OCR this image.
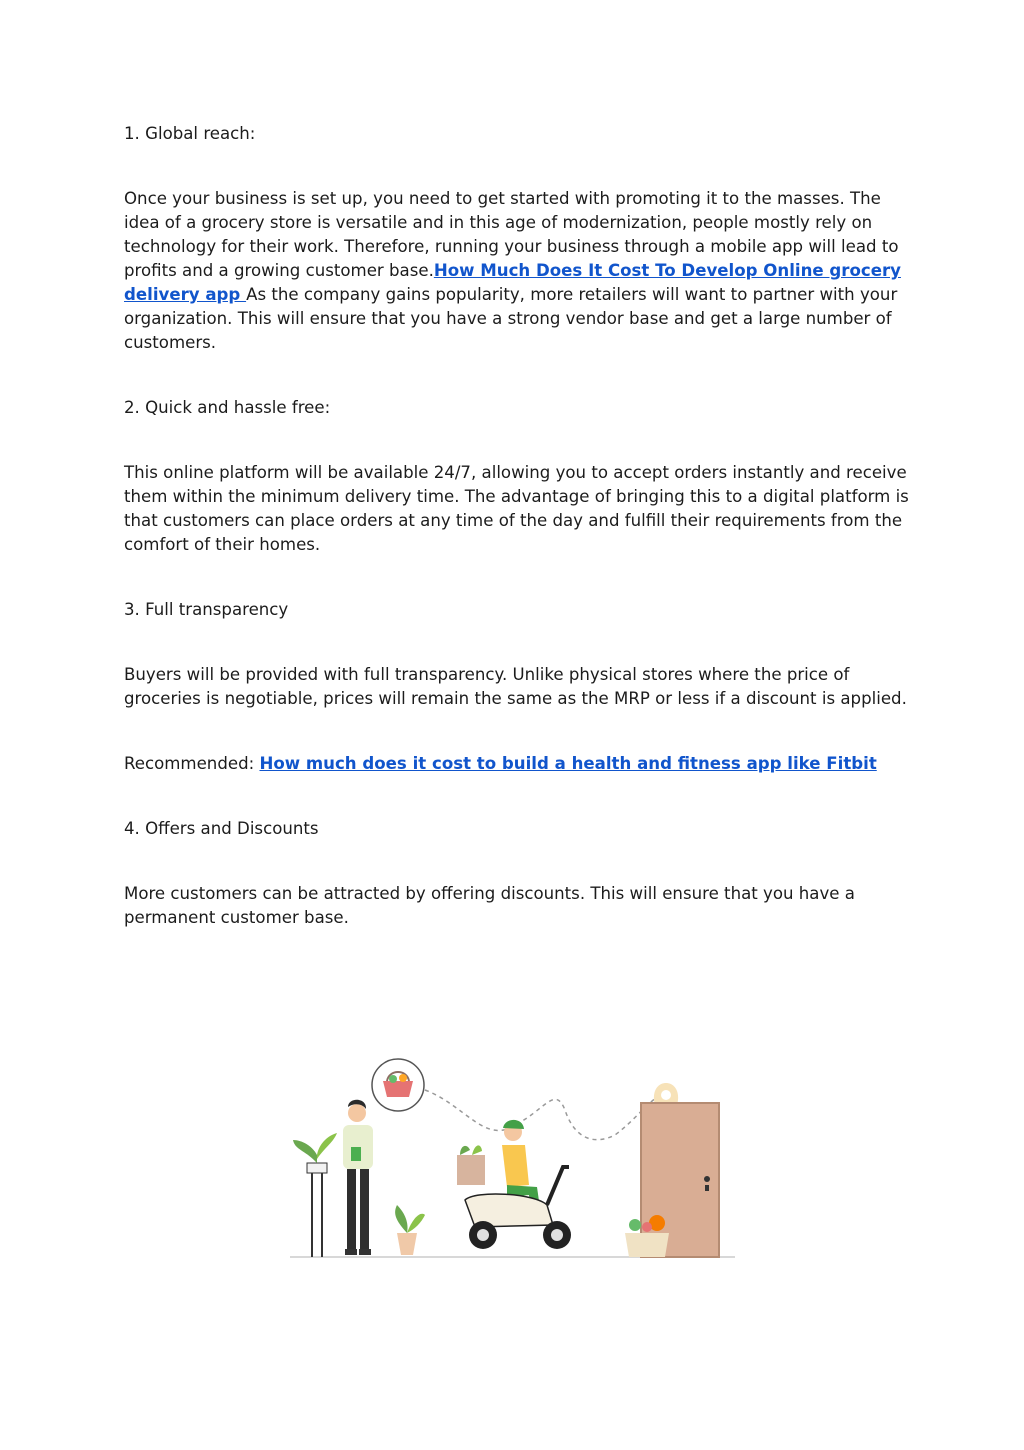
1. Global reach:

Once your business is set up, you need to get started with promoting it to the masses. The idea of a grocery store is versatile and in this age of modernization, people mostly rely on technology for their work. Therefore, running your business through a mobile app will lead to profits and a growing customer base.How Much Does It Cost To Develop Online grocery delivery app As the company gains popularity, more retailers will want to partner with your organization. This will ensure that you have a strong vendor base and get a large number of customers.

2. Quick and hassle free:

This online platform will be available 24/7, allowing you to accept orders instantly and receive them within the minimum delivery time. The advantage of bringing this to a digital platform is that customers can place orders at any time of the day and fulfill their requirements from the comfort of their homes.

3. Full transparency

Buyers will be provided with full transparency. Unlike physical stores where the price of groceries is negotiable, prices will remain the same as the MRP or less if a discount is applied.

Recommended: How much does it cost to build a health and fitness app like Fitbit

4. Offers and Discounts

More customers can be attracted by offering discounts. This will ensure that you have a permanent customer base.
